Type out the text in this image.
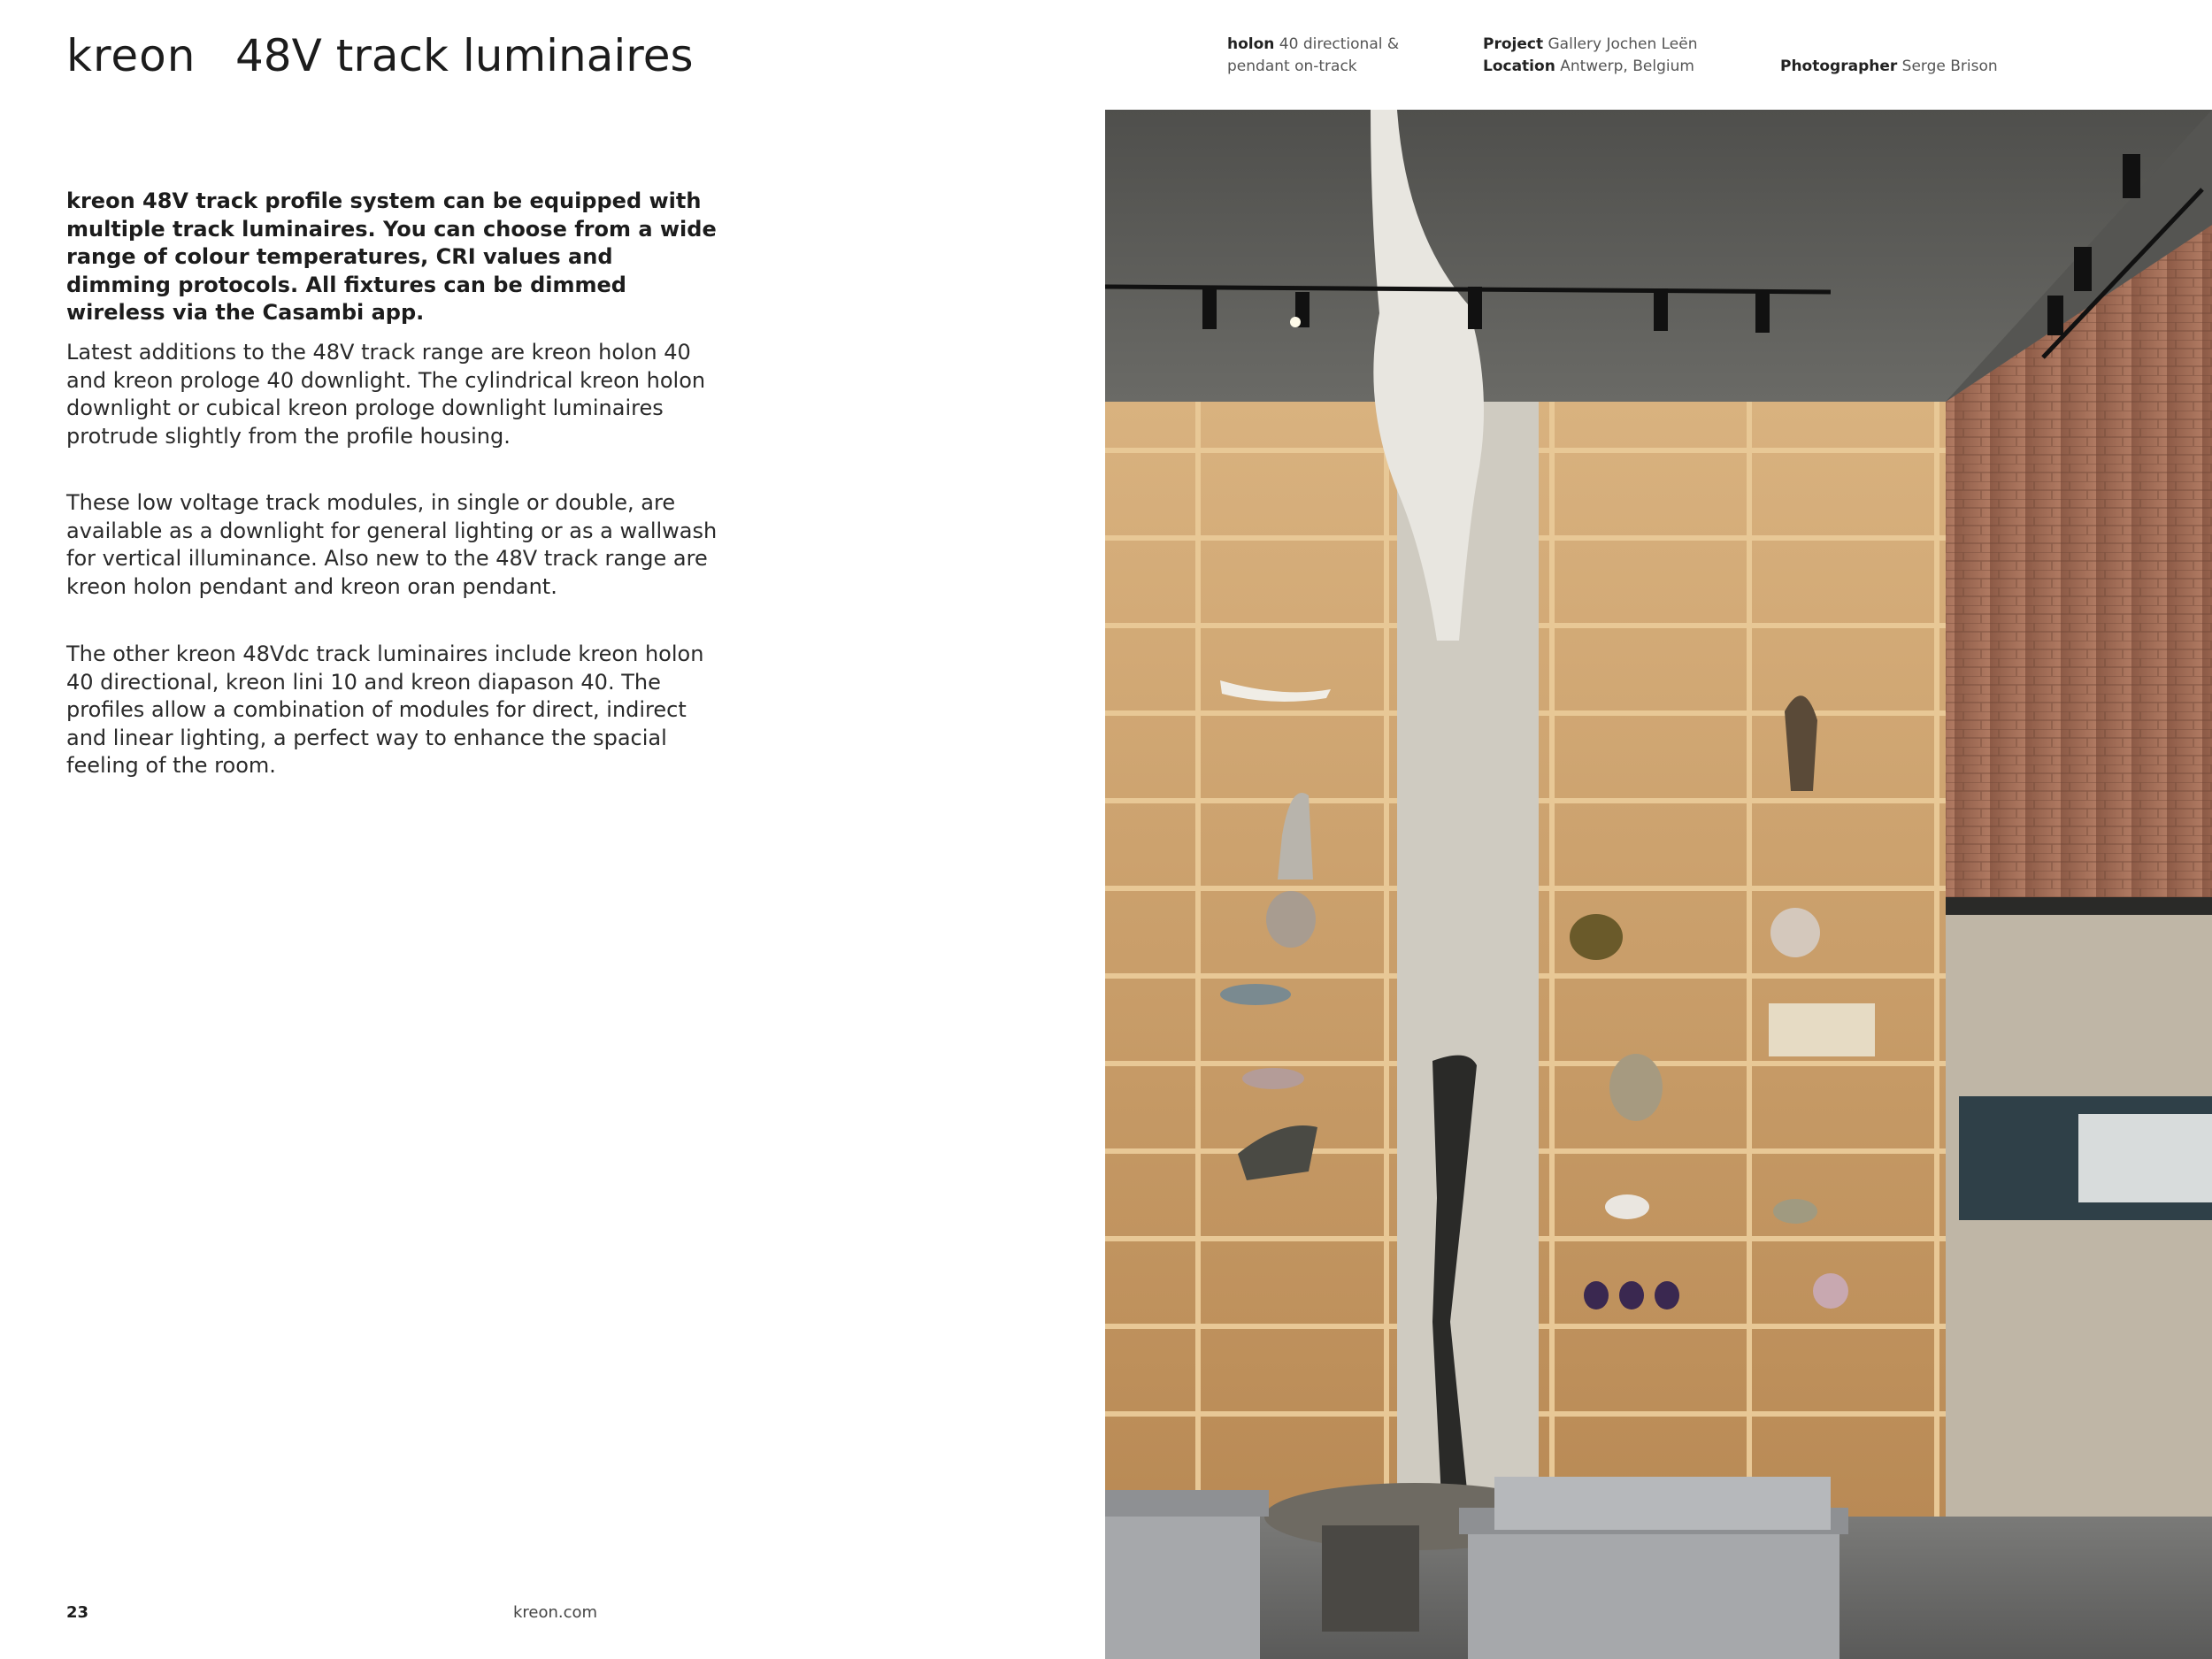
kreon 48V track luminaires	holon 40 directional &
pendant on-track
Project Gallery Jochen Leën
Location Antwerp, Belgium	Photographer Serge Brison

kreon 48V track profile system can be equipped with multiple track luminaires. You can choose from a wide range of colour temperatures, CRI values and dimming protocols. All fixtures can be dimmed wireless via the Casambi app.

Latest additions to the 48V track range are kreon holon 40 and kreon prologe 40 downlight. The cylindrical kreon holon downlight or cubical kreon prologe downlight luminaires protrude slightly from the profile housing.

These low voltage track modules, in single or double, are available as a downlight for general lighting or as a wallwash for vertical illuminance. Also new to the 48V track range are kreon holon pendant and kreon oran pendant.

The other kreon 48Vdc track luminaires include kreon holon 40 directional, kreon lini 10 and kreon diapason 40. The profiles allow a combination of modules for direct, indirect and linear lighting, a perfect way to enhance the spacial feeling of the room.

23	kreon.com
